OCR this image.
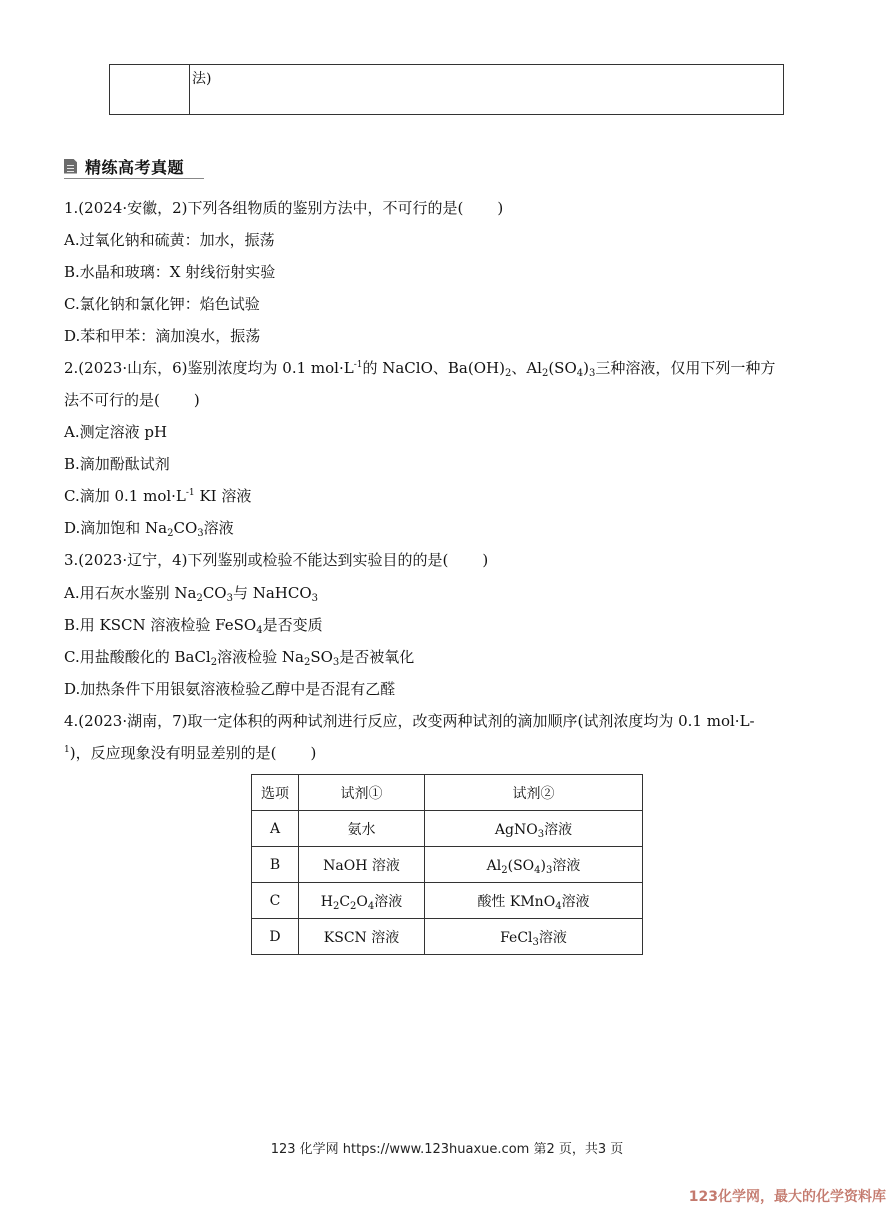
法)
精练高考真题
1.(2024·安徽，2)下列各组物质的鉴别方法中，不可行的是( )
A.过氧化钠和硫黄：加水，振荡
B.水晶和玻璃：X 射线衍射实验
C.氯化钠和氯化钾：焰色试验
D.苯和甲苯：滴加溴水，振荡
2.(2023·山东，6)鉴别浓度均为 0.1 $mol\cdot L^{-1}$的 NaClO、$Ba(OH)_2$、$Al_2(SO_4)_3$三种溶液，仅用下列一种方
法不可行的是( )
A.测定溶液 pH
B.滴加酚酞试剂
C.滴加 0.1 $mol\cdot L^{-1}$ KI 溶液
D.滴加饱和 $Na_2CO_3$溶液
3.(2023·辽宁，4)下列鉴别或检验不能达到实验目的的是( )
A.用石灰水鉴别 $Na_2CO_3$与 NaHCO$_3$
B.用 KSCN 溶液检验 FeSO$_4$是否变质
C.用盐酸酸化的 BaCl$_2$溶液检验 $Na_2SO_3$是否被氧化
D.加热条件下用银氨溶液检验乙醇中是否混有乙醛
4.(2023·湖南，7)取一定体积的两种试剂进行反应，改变两种试剂的滴加顺序(试剂浓度均为 0.1 mol·L-
$^1$)，反应现象没有明显差别的是( )
选项	试剂①	试剂②
A	氨水	AgNO$_3$溶液
B	NaOH 溶液	$Al_2(SO_4)_3$溶液
C	$H_2C_2O_4$溶液	酸性 KMnO$_4$溶液
D	KSCN 溶液	FeCl$_3$溶液
123 化学网 https://www.123huaxue.com 第2 页，共3 页
123化学网，最大的化学资料库
